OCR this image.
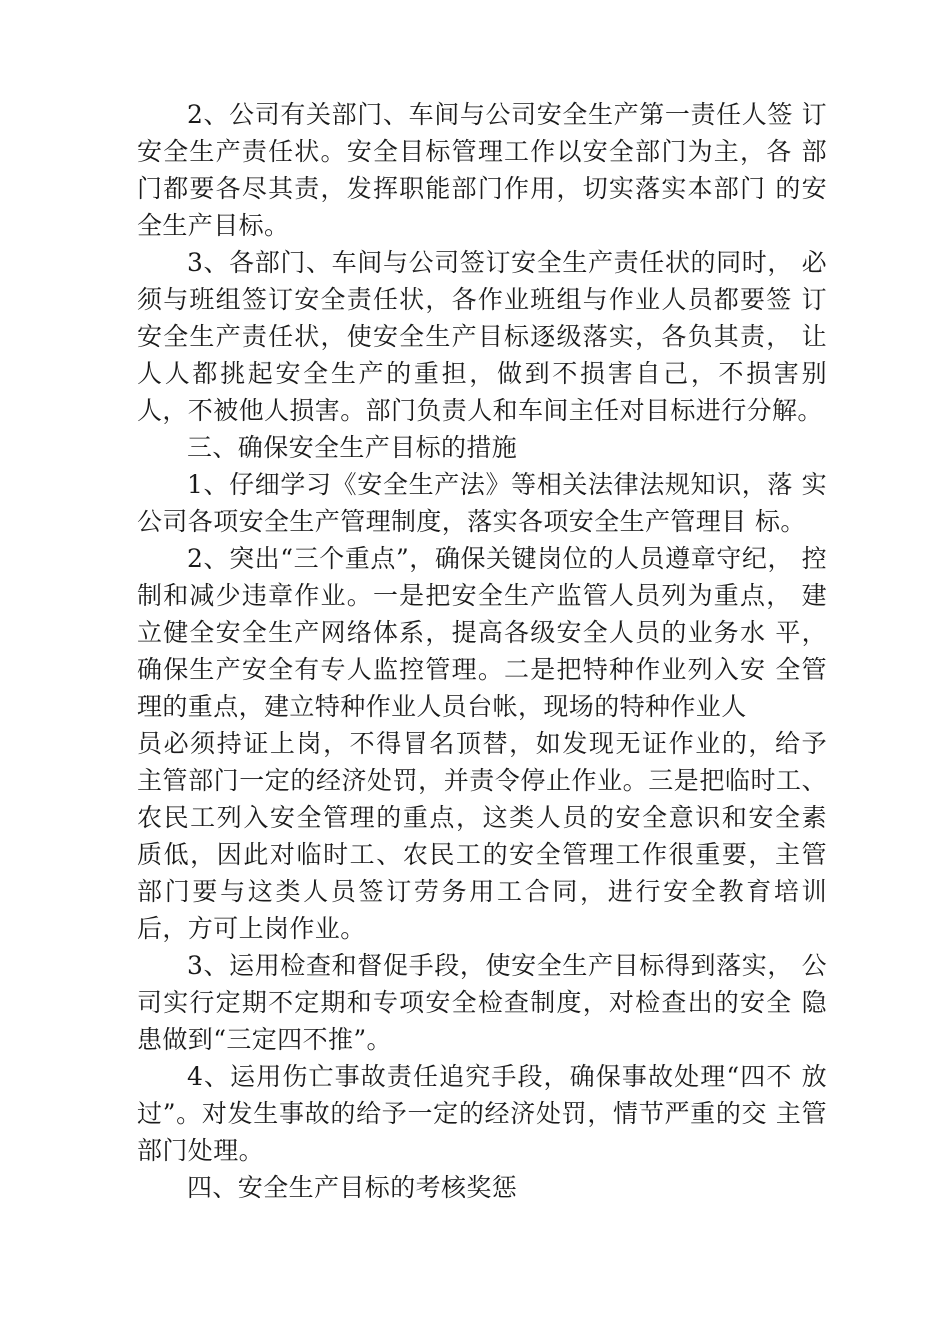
2、公司有关部门、车间与公司安全生产第一责任人签 订安全生产责任状。安全目标管理工作以安全部门为主，各 部门都要各尽其责，发挥职能部门作用，切实落实本部门 的安全生产目标。

3、各部门、车间与公司签订安全生产责任状的同时， 必须与班组签订安全责任状，各作业班组与作业人员都要签 订安全生产责任状，使安全生产目标逐级落实，各负其责， 让人人都挑起安全生产的重担，做到不损害自己，不损害别 人，不被他人损害。部门负责人和车间主任对目标进行分解。

三、确保安全生产目标的措施

1、仔细学习《安全生产法》等相关法律法规知识，落 实公司各项安全生产管理制度，落实各项安全生产管理目 标。

2、突出“三个重点”，确保关键岗位的人员遵章守纪， 控制和减少违章作业。一是把安全生产监管人员列为重点， 建立健全安全生产网络体系，提高各级安全人员的业务水 平，确保生产安全有专人监控管理。二是把特种作业列入安 全管理的重点，建立特种作业人员台帐，现场的特种作业人

员必须持证上岗，不得冒名顶替，如发现无证作业的，给予 主管部门一定的经济处罚，并责令停止作业。三是把临时工、 农民工列入安全管理的重点，这类人员的安全意识和安全素 质低，因此对临时工、农民工的安全管理工作很重要，主管 部门要与这类人员签订劳务用工合同，进行安全教育培训 后，方可上岗作业。

3、运用检查和督促手段，使安全生产目标得到落实， 公司实行定期不定期和专项安全检查制度，对检查出的安全 隐患做到“三定四不推”。

4、运用伤亡事故责任追究手段，确保事故处理“四不 放过”。对发生事故的给予一定的经济处罚，情节严重的交 主管部门处理。

四、安全生产目标的考核奖惩
